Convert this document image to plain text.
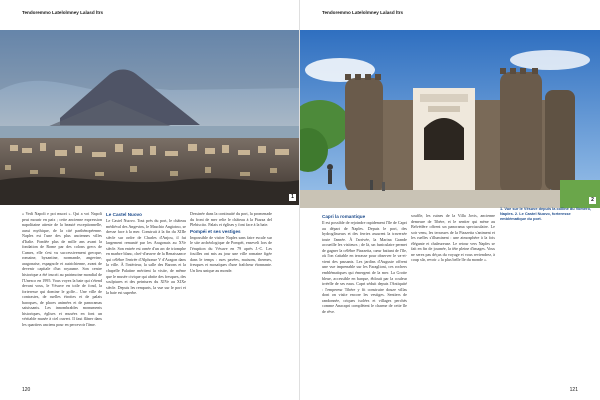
Tendoremmo Latelolmney Lalasd ltrs
1

« Vedi Napoli e poi muori ». Qui a voi Napoli peut mourir en paix ; cette ancienne expression napolitaine atteste de la beauté exceptionnelle, aussi mythique, de la cité parthénopéenne. Naples est l'une des plus anciennes villes d'Italie. Fondée plus de mille ans avant la fondation de Rome par des colons grecs de Cumes, elle s'est vu successivement grecque, romaine, byzantine, normande, angevine, aragonaise, espagnole et autrichienne, avant de devenir capitale d'un royaume. Son centre historique a été inscrit au patrimoine mondial de l'Unesco en 1995. Vous voyez la baie qui s'étend devant vous, le Vésuve en toile de fond, la forteresse qui domine le golfe... Une ville de contrastes, de ruelles étroites et de palais baroques, de places animées et de panoramas saisissants. Les innombrables monuments historiques, églises et musées en font un véritable musée à ciel ouvert. Il faut flâner dans les quartiers anciens pour en percevoir l'âme.

Le Castel Nuovo

Le Castel Nuovo. Tout près du port, le château médiéval des Angevins, le Maschio Angioino, se dresse face à la mer. Construit à la fin du XIIIe siècle sur ordre de Charles d'Anjou, il fut largement remanié par les Aragonais au XVe siècle. Son entrée est ornée d'un arc de triomphe en marbre blanc, chef-d'œuvre de la Renaissance qui célèbre l'entrée d'Alphonse V d'Aragon dans la ville. À l'intérieur, la salle des Barons et la chapelle Palatine méritent la visite, de même que le musée civique qui abrite des fresques, des sculptures et des peintures du XIVe au XIXe siècle. Depuis les remparts, la vue sur le port et la baie est superbe.

Dessinée dans la continuité du port, la promenade du front de mer relie le château à la Piazza del Plebiscito. Palais et églises y font face à la baie.

Pompéi et ses vestiges

Impossible de visiter Naples sans faire escale sur le site archéologique de Pompéi, enseveli lors de l'éruption du Vésuve en 79 après J.-C. Les fouilles ont mis au jour une ville romaine figée dans le temps : rues pavées, maisons, thermes, fresques et mosaïques d'une fraîcheur étonnante. Un lieu unique au monde.

120
Tendoremmo Latelolmney Lalasd ltrs
2

Capri la romantique

Il est possible de rejoindre rapidement l'île de Capri au départ de Naples. Depuis le port, des hydroglisseurs et des ferries assurent la traversée toute l'année. À l'arrivée, la Marina Grande accueille les visiteurs ; de là, un funiculaire permet de gagner la célèbre Piazzetta, cœur battant de l'île, où l'on s'attable en terrasse pour observer le va-et-vient des passants. Les jardins d'Auguste offrent une vue imprenable sur les Faraglioni, ces rochers emblématiques qui émergent de la mer. La Grotte bleue, accessible en barque, éblouit par la couleur irréelle de ses eaux. Capri séduit depuis l'Antiquité : l'empereur Tibère y fit construire douze villas dont on visite encore les vestiges. Sentiers de randonnée, criques isolées et villages perchés comme Anacapri complètent le charme de cette île de rêve.

souffle, les ruines de la Villa Jovis, ancienne demeure de Tibère, et le sentier qui mène au Belvédère offrent un panorama spectaculaire. Le soir venu, les terrasses de la Piazzetta s'animent et les ruelles s'illuminent : une atmosphère à la fois élégante et chaleureuse. Le retour vers Naples se fait en fin de journée, la tête pleine d'images. Vous ne serez pas déçus du voyage et vous reviendrez, à coup sûr, revoir « la plus belle île du monde ».

1. Vue sur le Vésuve depuis la colline du Vomero, Naples. 2. Le Castel Nuovo, forteresse emblématique du port.
121
